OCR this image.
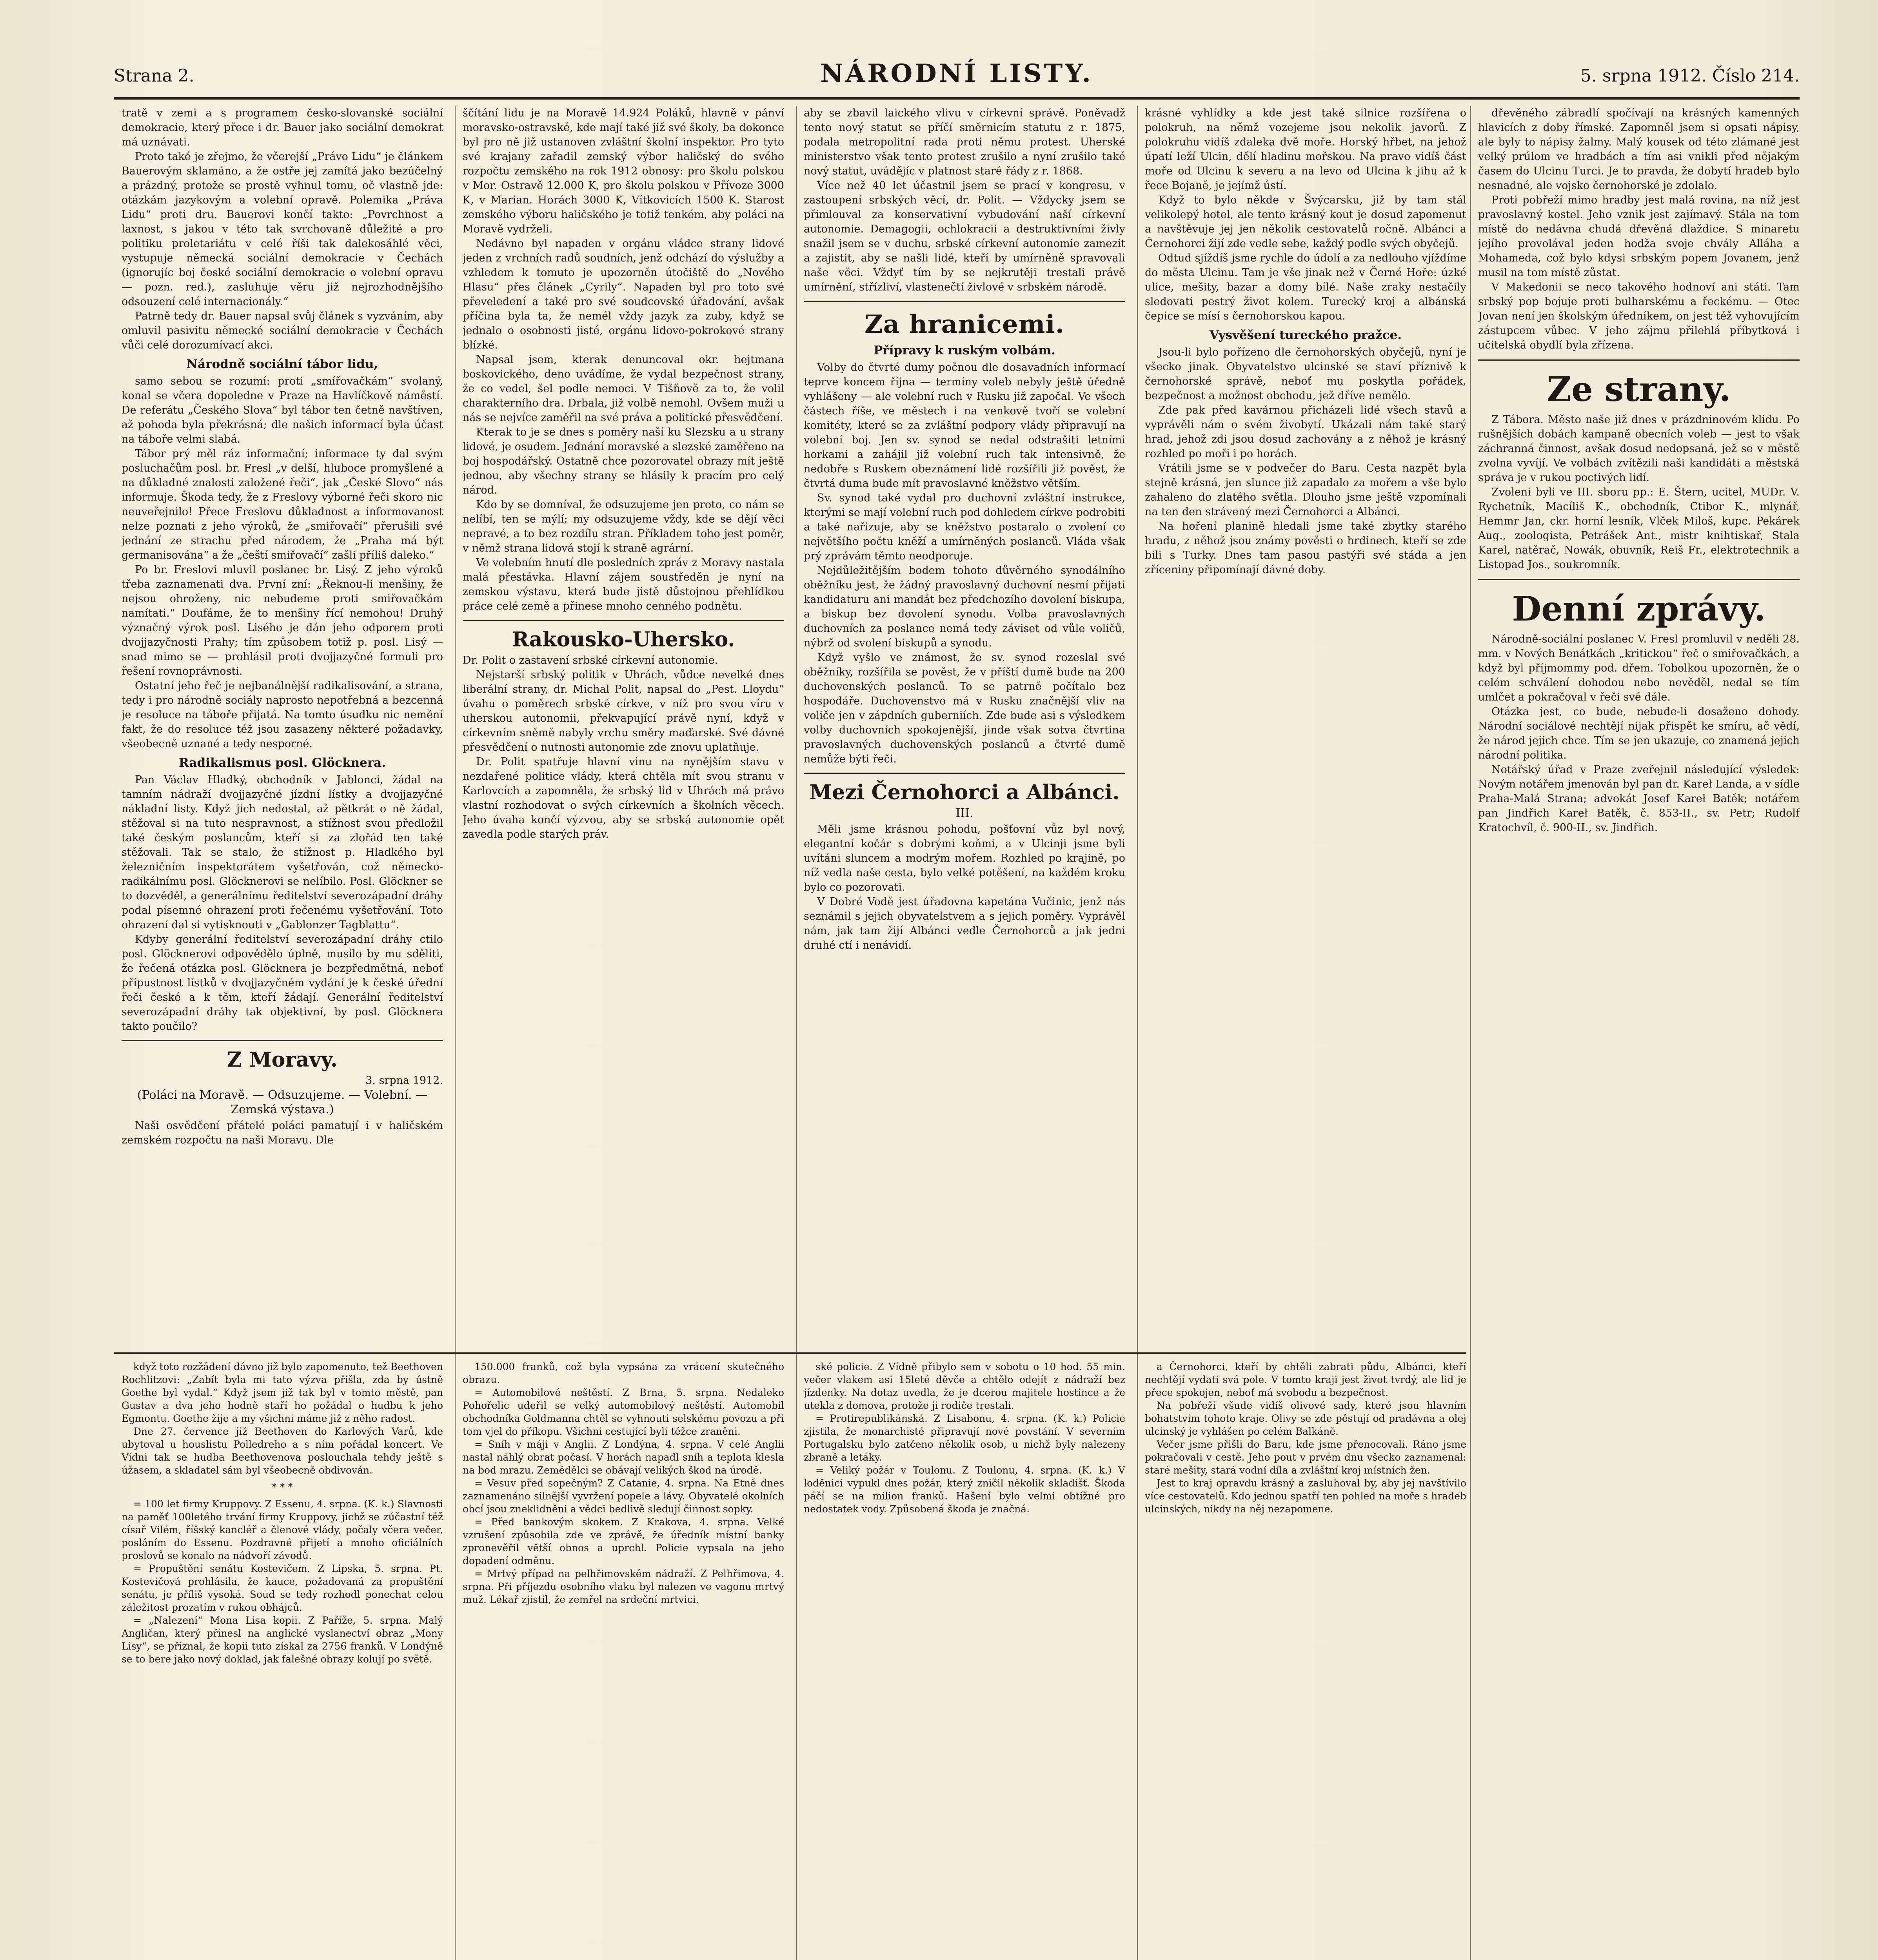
Strana 2.	NÁRODNÍ LISTY.	5. srpna 1912. Číslo 214.

tratě v zemi a s programem česko-slovanské sociální demokracie, který přece i dr. Bauer jako sociální demokrat má uznávati.

Proto také je zřejmo, že včerejší „Právo Lidu“ je článkem Bauerovým sklamáno, a že ostře jej zamítá jako bezúčelný a prázdný, protože se prostě vyhnul tomu, oč vlastně jde: otázkám jazykovým a volební opravě. Polemika „Práva Lidu“ proti dru. Bauerovi končí takto: „Povrchnost a laxnost, s jakou v této tak svrchovaně důležité a pro politiku proletariátu v celé říši tak dalekosáhlé věci, vystupuje německá sociální demokracie v Čechách (ignorujíc boj české sociální demokracie o volební opravu — pozn. red.), zasluhuje věru již nejrozhodnějšího odsouzení celé internacionály.“

Patrně tedy dr. Bauer napsal svůj článek s vyzváním, aby omluvil pasivitu německé sociální demokracie v Čechách vůči celé dorozumívací akci.

Národně sociální tábor lidu,

samo sebou se rozumí: proti „smířovačkám“ svolaný, konal se včera dopoledne v Praze na Havlíčkově náměstí. De referátu „Českého Slova“ byl tábor ten četně navštíven, až pohoda byla překrásná; dle našich informací byla účast na táboře velmi slabá.

Tábor prý měl ráz informační; informace ty dal svým posluchačům posl. br. Fresl „v delší, hluboce promyšlené a na důkladné znalosti založené řeči“, jak „České Slovo“ nás informuje. Škoda tedy, že z Freslovy výborné řeči skoro nic neuveřejnilo! Přece Freslovu důkladnost a informovanost nelze poznati z jeho výroků, že „smiřovačí“ přerušili své jednání ze strachu před národem, že „Praha má být germanisována“ a že „čeští smiřovačí“ zašli příliš daleko.“

Po br. Freslovi mluvil poslanec br. Lisý. Z jeho výroků třeba zaznamenati dva. První zní: „Řeknou-li menšiny, že nejsou ohroženy, nic nebudeme proti smiřovačkám namítati.“ Doufáme, že to menšiny řící nemohou! Druhý význačný výrok posl. Lisého je dán jeho odporem proti dvojjazyčnosti Prahy; tím způsobem totiž p. posl. Lisý — snad mimo se — prohlásil proti dvojjazyčné formuli pro řešení rovnoprávnosti.

Ostatní jeho řeč je nejbanálnější radikalisování, a strana, tedy i pro národně sociály naprosto nepotřebná a bezcenná je resoluce na táboře přijatá. Na tomto úsudku nic nemění fakt, že do resoluce též jsou zasazeny některé požadavky, všeobecně uznané a tedy nesporné.

Radikalismus posl. Glöcknera.

Pan Václav Hladký, obchodník v Jablonci, žádal na tamním nádraží dvojjazyčné jízdní lístky a dvojjazyčné nákladní listy. Když jich nedostal, až pětkrát o ně žádal, stěžoval si na tuto nespravnost, a stížnost svou předložil také českým poslancům, kteří si za zlořád ten také stěžovali. Tak se stalo, že stížnost p. Hladkého byl železničním inspektorátem vyšetřován, což německo-radikálnímu posl. Glöcknerovi se nelíbilo. Posl. Glöckner se to dozvěděl, a generálnímu ředitelství severozápadní dráhy podal písemné ohrazení proti řečenému vyšetřování. Toto ohrazení dal si vytisknouti v „Gablonzer Tagblattu“.

Kdyby generální ředitelství severozápadní dráhy ctilo posl. Glöcknerovi odpovědělo úplně, musilo by mu sděliti, že řečená otázka posl. Glöcknera je bezpředmětná, neboť přípustnost lístků v dvojjazyčném vydání je k české úřední řeči české a k těm, kteří žádají. Generální ředitelství severozápadní dráhy tak objektivní, by posl. Glöcknera takto poučilo?

Z Moravy.
3. srpna 1912.
(Poláci na Moravě. — Odsuzujeme. — Volební. — Zemská výstava.)

Naši osvědčení přátelé poláci pamatují i v haličském zemském rozpočtu na naši Moravu. Dle

ščítání lidu je na Moravě 14.924 Poláků, hlavně v pánví moravsko-ostravské, kde mají také již své školy, ba dokonce byl pro ně již ustanoven zvláštní školní inspektor. Pro tyto své krajany zařadil zemský výbor haličský do svého rozpočtu zemského na rok 1912 obnosy: pro školu polskou v Mor. Ostravě 12.000 K, pro školu polskou v Přívoze 3000 K, v Marian. Horách 3000 K, Vítkovicích 1500 K. Starost zemského výboru haličského je totiž tenkém, aby poláci na Moravě vydrželi.

Nedávno byl napaden v orgánu vládce strany lidové jeden z vrchních radů soudních, jenž odchází do výslužby a vzhledem k tomuto je upozorněn útočiště do „Nového Hlasu“ přes článek „Cyrily“. Napaden byl pro toto své převeledení a také pro své soudcovské úřadování, avšak příčina byla ta, že nemél vždy jazyk za zuby, když se jednalo o osobnosti jisté, orgánu lidovo-pokrokové strany blízké.

Napsal jsem, kterak denuncoval okr. hejtmana boskovického, deno uvádíme, že vydal bezpečnost strany, že co vedel, šel podle nemoci. V Tišňově za to, že volil charakterního dra. Drbala, již volbě nemohl. Ovšem muži u nás se nejvíce zaměřil na své práva a politické přesvědčení.

Kterak to je se dnes s poměry naší ku Slezsku a u strany lidové, je osudem. Jednání moravské a slezské zaměřeno na boj hospodářský. Ostatně chce pozorovatel obrazy mít ještě jednou, aby všechny strany se hlásily k pracím pro celý národ.

Kdo by se domníval, že odsuzujeme jen proto, co nám se nelíbí, ten se mýlí; my odsuzujeme vždy, kde se dějí věci nepravé, a to bez rozdílu stran. Příkladem toho jest poměr, v němž strana lidová stojí k straně agrární.

Ve volebním hnutí dle posledních zpráv z Moravy nastala malá přestávka. Hlavní zájem soustředěn je nyní na zemskou výstavu, která bude jistě důstojnou přehlídkou práce celé země a přinese mnoho cenného podnětu.

Rakousko-Uhersko.

Dr. Polit o zastavení srbské církevní autonomie.

Nejstarší srbský politik v Uhrách, vůdce nevelké dnes liberální strany, dr. Michal Polit, napsal do „Pest. Lloydu“ úvahu o poměrech srbské církve, v níž pro svou víru v uherskou autonomii, překvapující právě nyní, když v církevním sněmě nabyly vrchu směry maďarské. Své dávné přesvědčení o nutnosti autonomie zde znovu uplatňuje.

Dr. Polit spatřuje hlavní vinu na nynějším stavu v nezdařené politice vlády, která chtěla mít svou stranu v Karlovcích a zapomněla, že srbský lid v Uhrách má právo vlastní rozhodovat o svých církevních a školních věcech. Jeho úvaha končí výzvou, aby se srbská autonomie opět zavedla podle starých práv.

aby se zbavil laického vlivu v církevní správě. Poněvadž tento nový statut se příčí směrnicím statutu z r. 1875, podala metropolitní rada proti němu protest. Uherské ministerstvo však tento protest zrušilo a nyní zrušilo také nový statut, uvádějíc v platnost staré řády z r. 1868.

Více než 40 let účastnil jsem se prací v kongresu, v zastoupení srbských věcí, dr. Polit. — Vždycky jsem se přimlouval za konservativní vybudování naší církevní autonomie. Demagogii, ochlokracii a destruktivními živly snažil jsem se v duchu, srbské církevní autonomie zamezit a zajistit, aby se našli lidé, kteří by umírněně spravovali naše věci. Vždyť tím by se nejkrutěji trestali právě umírnění, střízliví, vlastenečtí živlové v srbském národě.

Za hranicemi.
Přípravy k ruským volbám.

Volby do čtvrté dumy počnou dle dosavadních informací teprve koncem října — termíny voleb nebyly ještě úředně vyhlášeny — ale volební ruch v Rusku již započal. Ve všech částech říše, ve městech i na venkově tvoří se volební komitéty, které se za zvláštní podpory vlády připravují na volební boj. Jen sv. synod se nedal odstrašiti letními horkami a zahájil již volební ruch tak intensivně, že nedobře s Ruskem obeznámení lidé rozšířili již pověst, že čtvrtá duma bude mít pravoslavné kněžstvo větším.

Sv. synod také vydal pro duchovní zvláštní instrukce, kterými se mají volební ruch pod dohledem církve podrobiti a také nařizuje, aby se kněžstvo postaralo o zvolení co největšího počtu kněží a umírněných poslanců. Vláda však prý zprávám těmto neodporuje.

Nejdůležitějším bodem tohoto důvěrného synodálního oběžníku jest, že žádný pravoslavný duchovní nesmí přijati kandidaturu ani mandát bez předchozího dovolení biskupa, a biskup bez dovolení synodu. Volba pravoslavných duchovních za poslance nemá tedy záviset od vůle voličů, nýbrž od svolení biskupů a synodu.

Když vyšlo ve známost, že sv. synod rozeslal své oběžníky, rozšířila se pověst, že v příští dumě bude na 200 duchovenských poslanců. To se patrně počítalo bez hospodáře. Duchovenstvo má v Rusku značnější vliv na voliče jen v zápdních guberniích. Zde bude asi s výsledkem volby duchovních spokojenější, jinde však sotva čtvrtina pravoslavných duchovenských poslanců a čtvrté dumě nemůže býti řeči.

Mezi Černohorci a Albánci.
III.

Měli jsme krásnou pohodu, pošťovní vůz byl nový, elegantní kočár s dobrými koňmi, a v Ulcinji jsme byli uvítáni sluncem a modrým mořem. Rozhled po krajině, po níž vedla naše cesta, bylo velké potěšení, na každém kroku bylo co pozorovati.

V Dobré Vodě jest úřadovna kapetána Vučinic, jenž nás seznámil s jejich obyvatelstvem a s jejich poměry. Vyprávěl nám, jak tam žijí Albánci vedle Černohorců a jak jedni druhé ctí i nenávidí.

krásné vyhlídky a kde jest také silnice rozšířena o polokruh, na němž vozejeme jsou nekolik javorů. Z polokruhu vidíš zdaleka dvě moře. Horský hřbet, na jehož úpatí leží Ulcin, dělí hladinu mořskou. Na pravo vidíš část moře od Ulcinu k severu a na levo od Ulcina k jihu až k řece Bojaně, je jejímž ústí.

Když to bylo někde v Švýcarsku, již by tam stál velikolepý hotel, ale tento krásný kout je dosud zapomenut a navštěvuje jej jen několik cestovatelů ročně. Albánci a Černohorci žijí zde vedle sebe, každý podle svých obyčejů.

Odtud sjíždíš jsme rychle do údolí a za nedlouho vjíždíme do města Ulcinu. Tam je vše jinak než v Černé Hoře: úzké ulice, mešity, bazar a domy bílé. Naše zraky nestačily sledovati pestrý život kolem. Turecký kroj a albánská čepice se mísí s černohorskou kapou.

Vysvěšení tureckého pražce.

Jsou-li bylo pořízeno dle černohorských obyčejů, nyní je všecko jinak. Obyvatelstvo ulcinské se staví příznivě k černohorské správě, neboť mu poskytla pořádek, bezpečnost a možnost obchodu, jež dříve nemělo.

Zde pak před kavárnou přicházeli lidé všech stavů a vyprávěli nám o svém živobytí. Ukázali nám také starý hrad, jehož zdi jsou dosud zachovány a z něhož je krásný rozhled po moři i po horách.

Vrátili jsme se v podvečer do Baru. Cesta nazpět byla stejně krásná, jen slunce již zapadalo za mořem a vše bylo zahaleno do zlatého světla. Dlouho jsme ještě vzpomínali na ten den strávený mezi Černohorci a Albánci.

Na hoření planině hledali jsme také zbytky starého hradu, z něhož jsou známy pověsti o hrdinech, kteří se zde bili s Turky. Dnes tam pasou pastýři své stáda a jen zříceniny připomínají dávné doby.

dřevěného zábradlí spočívají na krásných kamenných hlavicích z doby římské. Zapomněl jsem si opsati nápisy, ale byly to nápisy žalmy. Malý kousek od této zlámané jest velký prúlom ve hradbách a tím asi vnikli před nějakým časem do Ulcinu Turci. Je to pravda, že dobytí hradeb bylo nesnadné, ale vojsko černohorské je zdolalo.

Proti pobřeží mimo hradby jest malá rovina, na níž jest pravoslavný kostel. Jeho vznik jest zajímavý. Stála na tom místě do nedávna chudá dřevěná dlaždice. S minaretu jejího provolával jeden hodža svoje chvály Alláha a Mohameda, což bylo kdysi srbským popem Jovanem, jenž musil na tom místě zůstat.

V Makedonii se neco takového hodnoví ani státi. Tam srbský pop bojuje proti bulharskému a řeckému. — Otec Jovan není jen školským úředníkem, on jest též vyhovujícím zástupcem vůbec. V jeho zájmu přilehlá příbytková i učitelská obydlí byla zřízena.

Ze strany.

Z Tábora. Město naše již dnes v prázdninovém klidu. Po rušnějších dobách kampaně obecních voleb — jest to však záchranná činnost, avšak dosud nedopsaná, jež se v městě zvolna vyvíjí. Ve volbách zvítězili naši kandidáti a městská správa je v rukou poctivých lidí.

Zvoleni byli ve III. sboru pp.: E. Štern, ucitel, MUDr. V. Rychetník, Macíliš K., obchodník, Ctibor K., mlynář, Hemmr Jan, ckr. horní lesník, Vlček Miloš, kupc. Pekárek Aug., zoologista, Petrášek Ant., mistr knihtiskař, Stala Karel, natěrač, Nowák, obuvník, Reiš Fr., elektrotechnik a Listopad Jos., soukromník.

Denní zprávy.

Národně-sociální poslanec V. Fresl promluvil v neděli 28. mm. v Nových Benátkách „kritickou“ řeč o smiřovačkách, a když byl příjmommy pod. dřem. Tobolkou upozorněn, že o celém schválení dohodou nebo nevěděl, nedal se tím umlčet a pokračoval v řeči své dále.

Otázka jest, co bude, nebude-li dosaženo dohody. Národní sociálové nechtějí nijak přispět ke smíru, ač vědí, že národ jejich chce. Tím se jen ukazuje, co znamená jejich národní politika.

Notářský úřad v Praze zveřejnil následující výsledek: Novým notářem jmenován byl pan dr. Kareł Landa, a v sídle Praha-Malá Strana; advokát Josef Kareł Batěk; notářem pan Jindřich Kareł Batěk, č. 853-II., sv. Petr; Rudolf Kratochvíl, č. 900-II., sv. Jindřich.

když toto rozžádení dávno již bylo zapomenuto, tež Beethoven Rochlitzovi: „Zabít byla mi tato výzva přišla, zda by ústně Goethe byl vydal.“ Když jsem již tak byl v tomto městě, pan Gustav a dva jeho hodně staří ho požádal o hudbu k jeho Egmontu. Goethe žije a my všichni máme již z něho radost.

Dne 27. července již Beethoven do Karlových Varů, kde ubytoval u houslistu Polledreho a s ním pořádal koncert. Ve Vídni tak se hudba Beethovenova poslouchala tehdy ještě s úžasem, a skladatel sám byl všeobecně obdivován.

* * *

= 100 let firmy Kruppovy. Z Essenu, 4. srpna. (K. k.) Slavnosti na paměť 100letého trvání firmy Kruppovy, jichž se zúčastní též císař Vilém, říšský kancléř a členové vlády, počaly včera večer, posláním do Essenu. Pozdravné přijetí a mnoho oficiálních proslovů se konalo na nádvoří závodů.

= Propuštění senátu Kostevičem. Z Lipska, 5. srpna. Pt. Kostevičová prohlásila, že kauce, požadovaná za propuštění senátu, je příliš vysoká. Soud se tedy rozhodl ponechat celou záležitost prozatím v rukou obhájců.

= „Nalezení“ Mona Lisa kopii. Z Paříže, 5. srpna. Malý Angličan, který přinesl na anglické vyslanectví obraz „Mony Lisy“, se přiznal, že kopii tuto získal za 2756 franků. V Londýně se to bere jako nový doklad, jak falešné obrazy kolují po světě.

150.000 franků, což byla vypsána za vrácení skutečného obrazu.

= Automobilové neštěstí. Z Brna, 5. srpna. Nedaleko Pohořelic udeřil se velký automobilový neštěstí. Automobil obchodníka Goldmanna chtěl se vyhnouti selskému povozu a při tom vjel do příkopu. Všichni cestující byli těžce zraněni.

= Sníh v máji v Anglii. Z Londýna, 4. srpna. V celé Anglii nastal náhlý obrat počasí. V horách napadl sníh a teplota klesla na bod mrazu. Zemědělci se obávají velikých škod na úrodě.

= Vesuv před sopečným? Z Catanie, 4. srpna. Na Etně dnes zaznamenáno silnější vyvržení popele a lávy. Obyvatelé okolních obcí jsou zneklidněni a vědci bedlivě sledují činnost sopky.

= Před bankovým skokem. Z Krakova, 4. srpna. Velké vzrušení způsobila zde ve zprávě, že úředník místní banky zpronevěřil větší obnos a uprchl. Policie vypsala na jeho dopadení odměnu.

= Mrtvý případ na pelhřimovském nádraží. Z Pelhřimova, 4. srpna. Při příjezdu osobního vlaku byl nalezen ve vagonu mrtvý muž. Lékař zjistil, že zemřel na srdeční mrtvici.

ské policie. Z Vídně přibylo sem v sobotu o 10 hod. 55 min. večer vlakem asi 15leté děvče a chtělo odejít z nádraží bez jízdenky. Na dotaz uvedla, že je dcerou majitele hostince a že utekla z domova, protože ji rodiče trestali.

= Protirepublikánská. Z Lisabonu, 4. srpna. (K. k.) Policie zjistila, že monarchisté připravují nové povstání. V severním Portugalsku bylo zatčeno několik osob, u nichž byly nalezeny zbraně a letáky.

= Veliký požár v Toulonu. Z Toulonu, 4. srpna. (K. k.) V loděnici vypukl dnes požár, který zničil několik skladišť. Škoda páčí se na milion franků. Hašení bylo velmi obtížné pro nedostatek vody. Způsobená škoda je značná.

a Černohorci, kteří by chtěli zabrati půdu, Albánci, kteří nechtějí vydati svá pole. V tomto kraji jest život tvrdý, ale lid je přece spokojen, neboť má svobodu a bezpečnost.

Na pobřeží všude vidíš olivové sady, které jsou hlavním bohatstvím tohoto kraje. Olivy se zde pěstují od pradávna a olej ulcinský je vyhlášen po celém Balkáně.

Večer jsme přišli do Baru, kde jsme přenocovali. Ráno jsme pokračovali v cestě. Jeho pout v prvém dnu všecko zaznamenal: staré mešity, stará vodní díla a zvláštní kroj místních žen.

Jest to kraj opravdu krásný a zasluhoval by, aby jej navštívilo více cestovatelů. Kdo jednou spatří ten pohled na moře s hradeb ulcinských, nikdy na něj nezapomene.
